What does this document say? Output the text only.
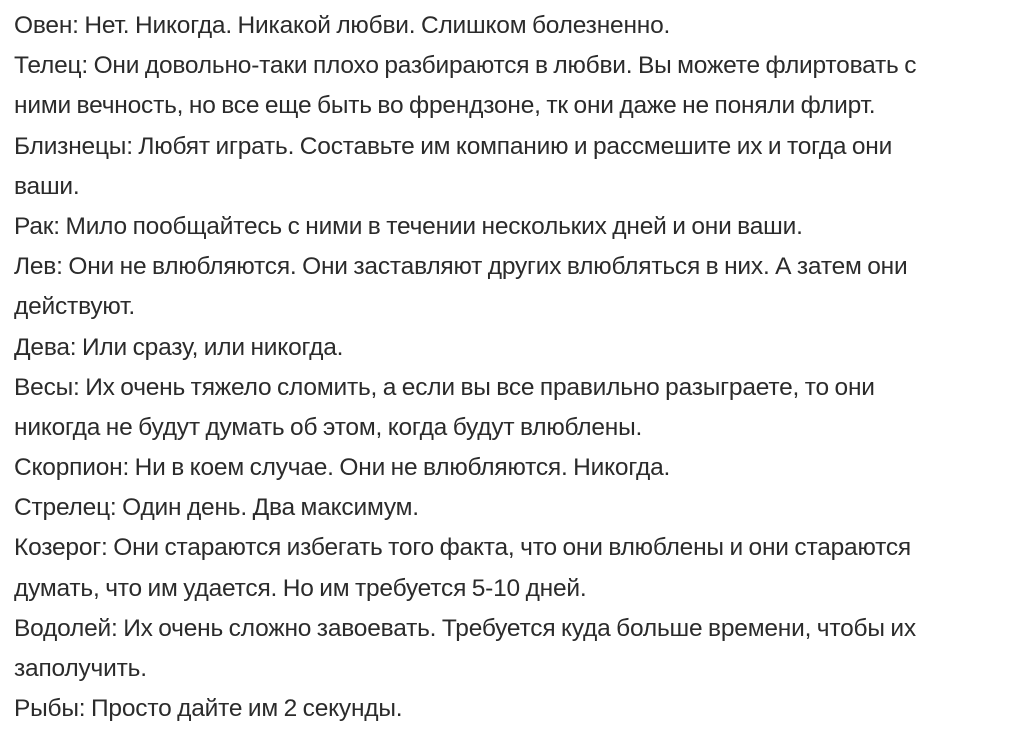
Овен: Нет. Никогда. Никакой любви. Слишком болезненно.
Телец: Они довольно-таки плохо разбираются в любви. Вы можете флиртовать с
ними вечность, но все еще быть во френдзоне, тк они даже не поняли флирт.
Близнецы: Любят играть. Составьте им компанию и рассмешите их и тогда они
ваши.
Рак: Мило пообщайтесь с ними в течении нескольких дней и они ваши.
Лев: Они не влюбляются. Они заставляют других влюбляться в них. А затем они
действуют.
Дева: Или сразу, или никогда.
Весы: Их очень тяжело сломить, а если вы все правильно разыграете, то они
никогда не будут думать об этом, когда будут влюблены.
Скорпион: Ни в коем случае. Они не влюбляются. Никогда.
Стрелец: Один день. Два максимум.
Козерог: Они стараются избегать того факта, что они влюблены и они стараются
думать, что им удается. Но им требуется 5-10 дней.
Водолей: Их очень сложно завоевать. Требуется куда больше времени, чтобы их
заполучить.
Рыбы: Просто дайте им 2 секунды.
